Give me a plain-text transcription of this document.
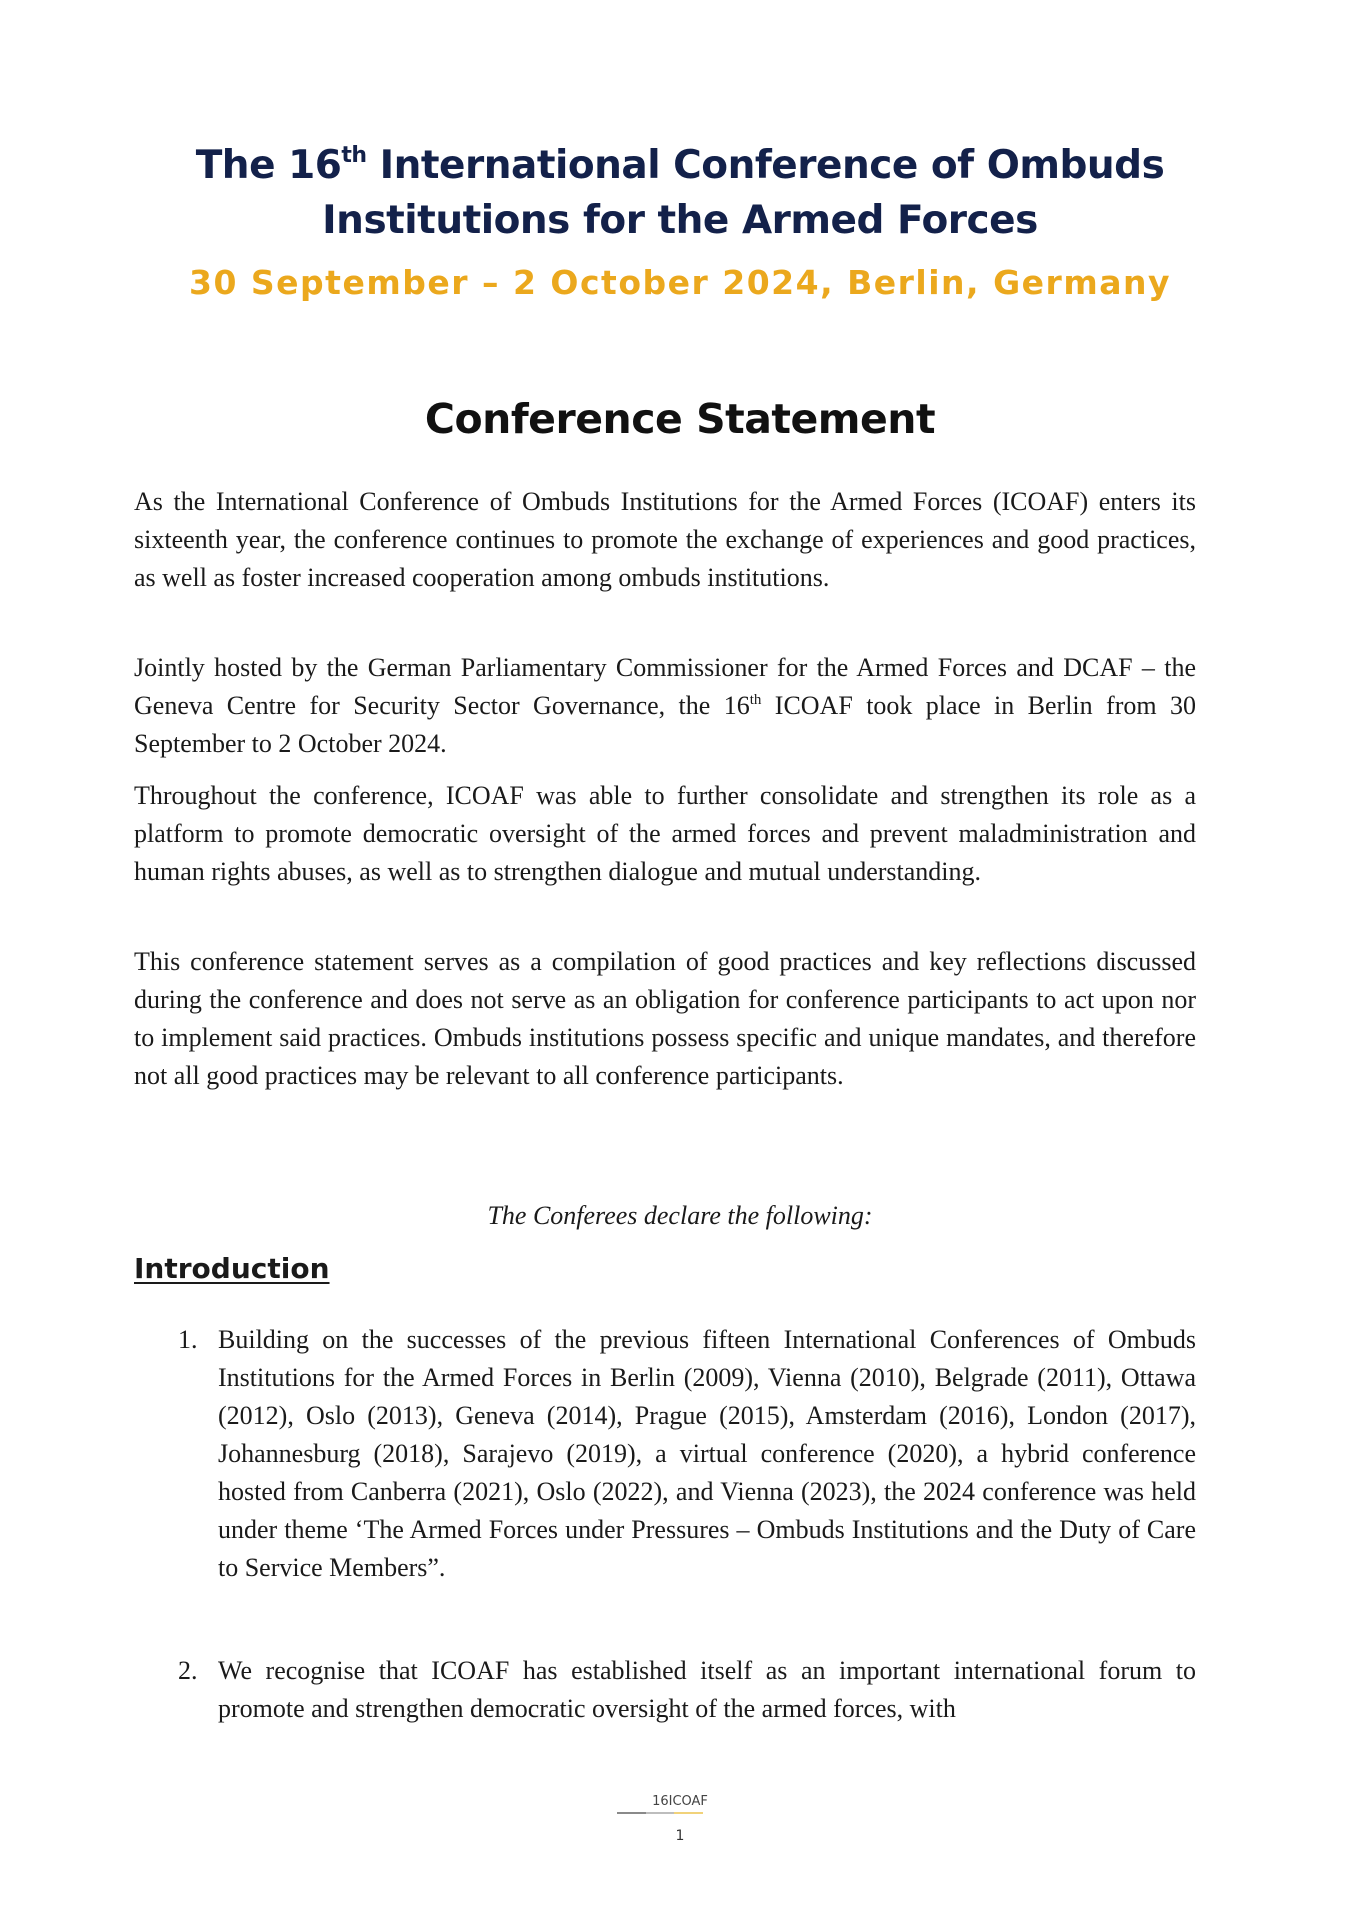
The 16th International Conference of Ombuds
Institutions for the Armed Forces
30 September – 2 October 2024, Berlin, Germany
Conference Statement

As the International Conference of Ombuds Institutions for the Armed Forces (ICOAF) enters its sixteenth year, the conference continues to promote the exchange of experiences and good practices, as well as foster increased cooperation among ombuds institutions.

Jointly hosted by the German Parliamentary Commissioner for the Armed Forces and DCAF – the Geneva Centre for Security Sector Governance, the 16th ICOAF took place in Berlin from 30 September to 2 October 2024.

Throughout the conference, ICOAF was able to further consolidate and strengthen its role as a platform to promote democratic oversight of the armed forces and prevent maladministration and human rights abuses, as well as to strengthen dialogue and mutual understanding.

This conference statement serves as a compilation of good practices and key reflections discussed during the conference and does not serve as an obligation for conference participants to act upon nor to implement said practices. Ombuds institutions possess specific and unique mandates, and therefore not all good practices may be relevant to all conference participants.

The Conferees declare the following:
Introduction
1. Building on the successes of the previous fifteen International Conferences of Ombuds Institutions for the Armed Forces in Berlin (2009), Vienna (2010), Belgrade (2011), Ottawa (2012), Oslo (2013), Geneva (2014), Prague (2015), Amsterdam (2016), London (2017), Johannesburg (2018), Sarajevo (2019), a virtual conference (2020), a hybrid conference hosted from Canberra (2021), Oslo (2022), and Vienna (2023), the 2024 conference was held under theme ‘The Armed Forces under Pressures – Ombuds Institutions and the Duty of Care to Service Members”.
2. We recognise that ICOAF has established itself as an important international forum to promote and strengthen democratic oversight of the armed forces, with
16ICOAF
1
